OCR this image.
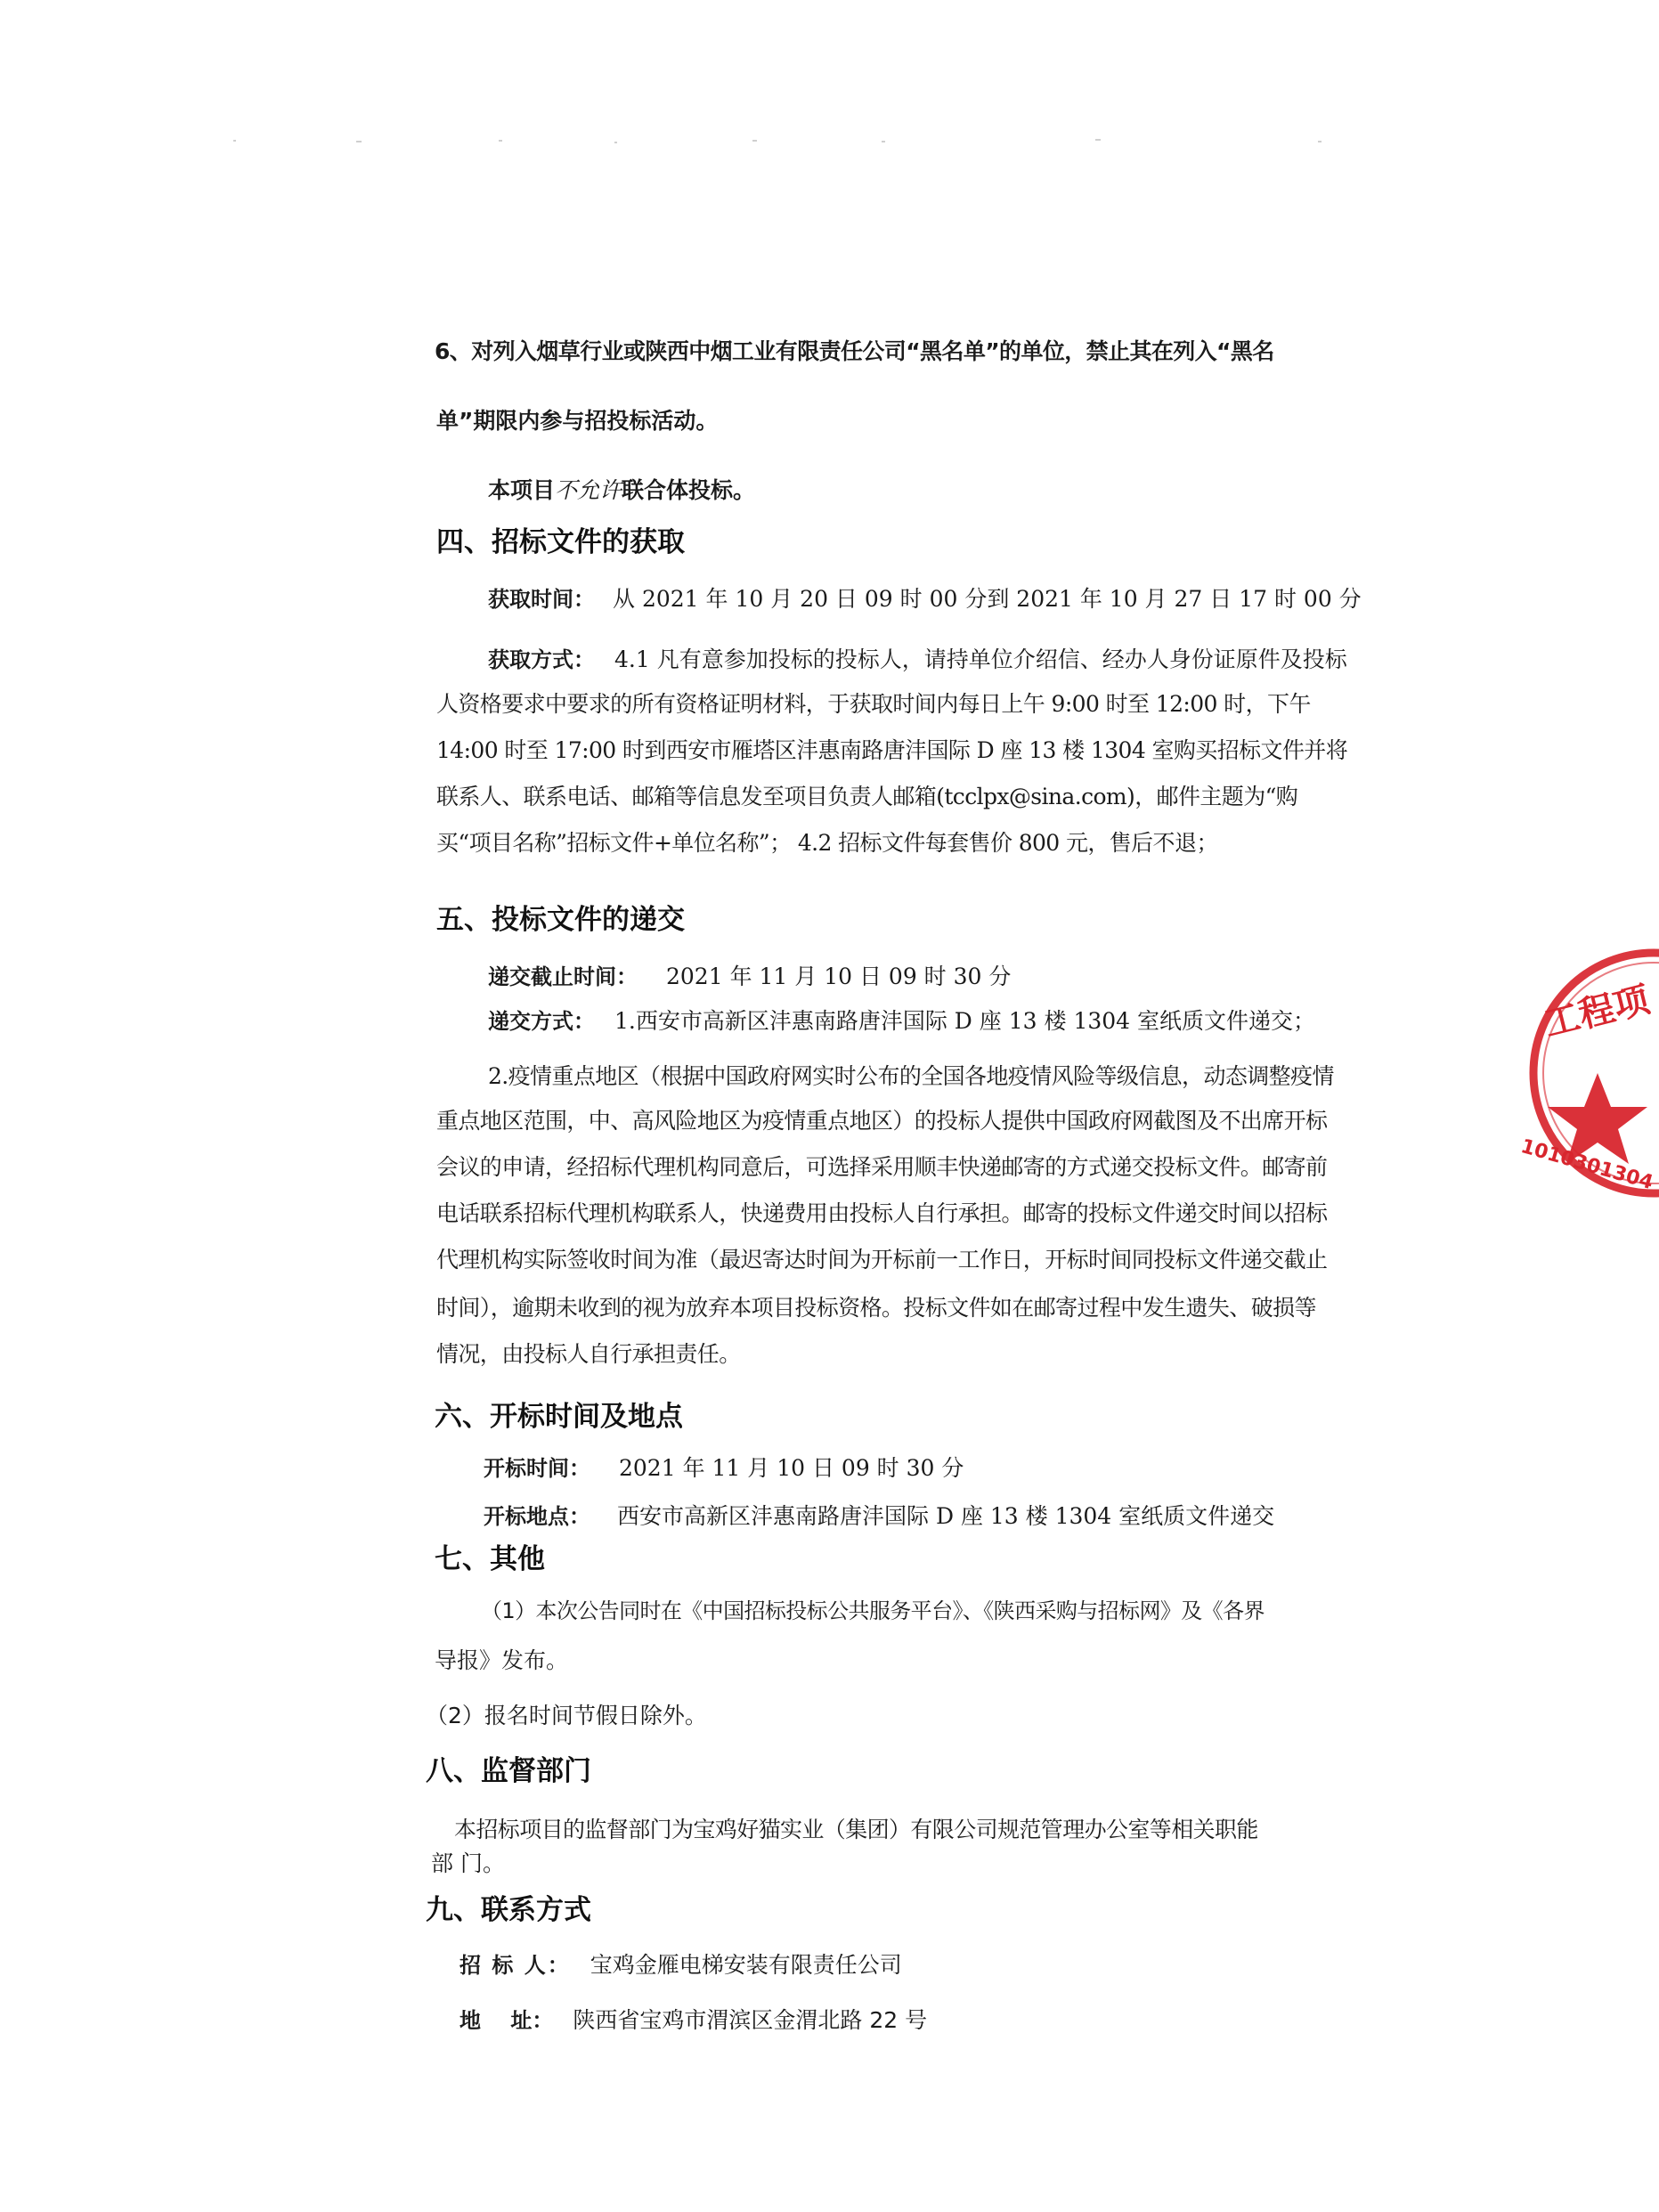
6、对列入烟草行业或陕西中烟工业有限责任公司“黑名单”的单位，禁止其在列入“黑名

单”期限内参与招投标活动。

本项目不允许联合体投标。

四、招标文件的获取

获取时间： 从 2021 年 10 月 20 日 09 时 00 分到 2021 年 10 月 27 日 17 时 00 分

获取方式： 4.1 凡有意参加投标的投标人，请持单位介绍信、经办人身份证原件及投标

人资格要求中要求的所有资格证明材料，于获取时间内每日上午 9:00 时至 12:00 时，下午

14:00 时至 17:00 时到西安市雁塔区沣惠南路唐沣国际 D 座 13 楼 1304 室购买招标文件并将

联系人、联系电话、邮箱等信息发至项目负责人邮箱(tcclpx@sina.com)，邮件主题为“购

买“项目名称”招标文件+单位名称”； 4.2 招标文件每套售价 800 元，售后不退；

五、投标文件的递交

递交截止时间： 2021 年 11 月 10 日 09 时 30 分

递交方式： 1.西安市高新区沣惠南路唐沣国际 D 座 13 楼 1304 室纸质文件递交；

2.疫情重点地区（根据中国政府网实时公布的全国各地疫情风险等级信息，动态调整疫情

重点地区范围，中、高风险地区为疫情重点地区）的投标人提供中国政府网截图及不出席开标

会议的申请，经招标代理机构同意后，可选择采用顺丰快递邮寄的方式递交投标文件。邮寄前

电话联系招标代理机构联系人，快递费用由投标人自行承担。邮寄的投标文件递交时间以招标

代理机构实际签收时间为准（最迟寄达时间为开标前一工作日，开标时间同投标文件递交截止

时间），逾期未收到的视为放弃本项目投标资格。投标文件如在邮寄过程中发生遗失、破损等

情况，由投标人自行承担责任。

六、开标时间及地点

开标时间： 2021 年 11 月 10 日 09 时 30 分

开标地点： 西安市高新区沣惠南路唐沣国际 D 座 13 楼 1304 室纸质文件递交

七、其他

（1）本次公告同时在《中国招标投标公共服务平台》、《陕西采购与招标网》及《各界

导报》发布。

（2）报名时间节假日除外。

八、监督部门

本招标项目的监督部门为宝鸡好猫实业（集团）有限公司规范管理办公室等相关职能

部 门。

九、联系方式

招 标 人： 宝鸡金雁电梯安装有限责任公司

地    址： 陕西省宝鸡市渭滨区金渭北路 22 号

工程项
1010301304
